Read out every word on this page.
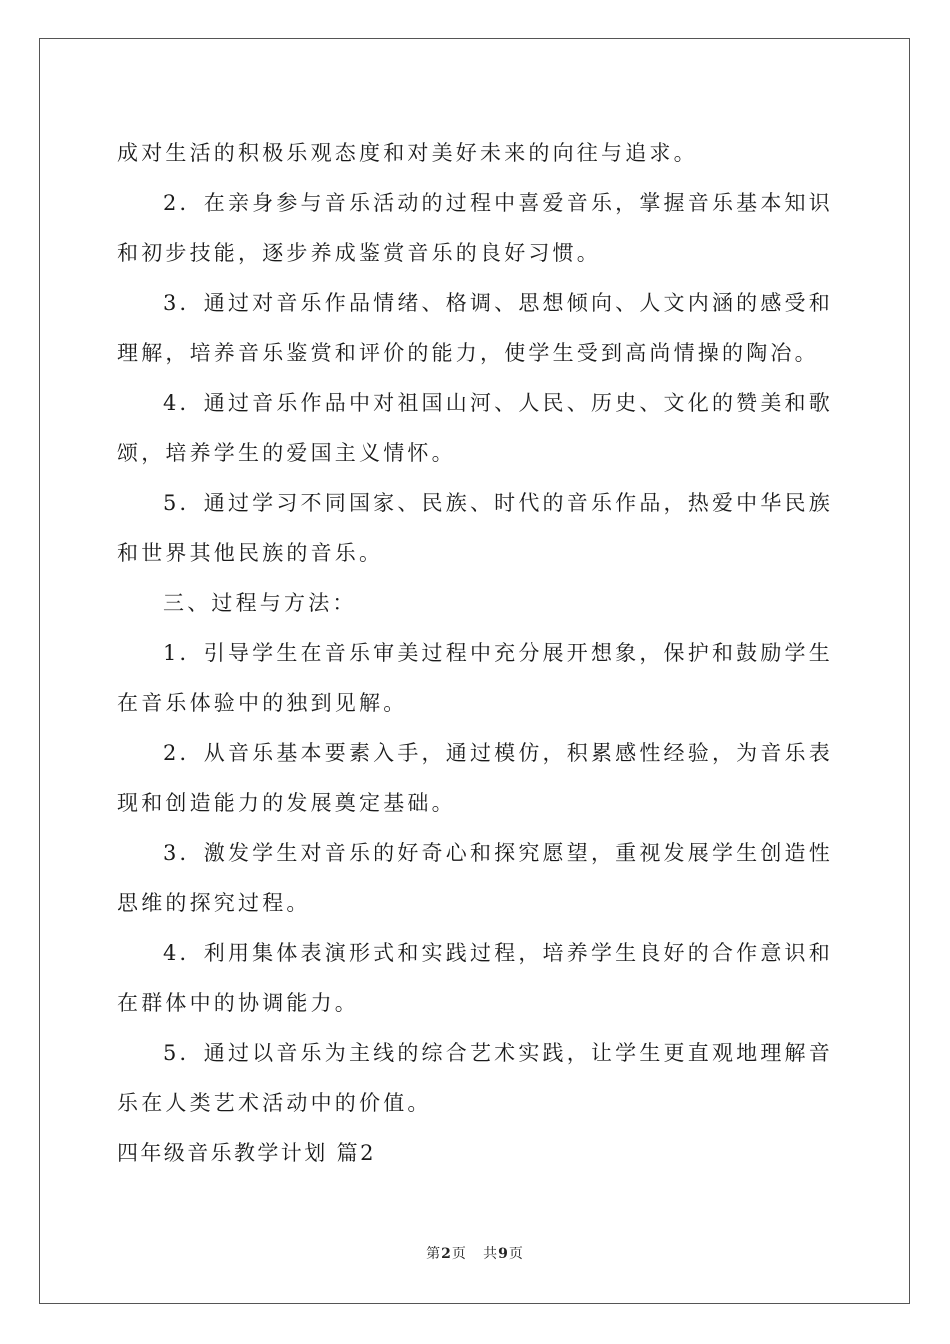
成对生活的积极乐观态度和对美好未来的向往与追求。
2．在亲身参与音乐活动的过程中喜爱音乐，掌握音乐基本知识
和初步技能，逐步养成鉴赏音乐的良好习惯。
3．通过对音乐作品情绪、格调、思想倾向、人文内涵的感受和
理解，培养音乐鉴赏和评价的能力，使学生受到高尚情操的陶冶。
4．通过音乐作品中对祖国山河、人民、历史、文化的赞美和歌
颂，培养学生的爱国主义情怀。
5．通过学习不同国家、民族、时代的音乐作品，热爱中华民族
和世界其他民族的音乐。
三、过程与方法：
1．引导学生在音乐审美过程中充分展开想象，保护和鼓励学生
在音乐体验中的独到见解。
2．从音乐基本要素入手，通过模仿，积累感性经验，为音乐表
现和创造能力的发展奠定基础。
3．激发学生对音乐的好奇心和探究愿望，重视发展学生创造性
思维的探究过程。
4．利用集体表演形式和实践过程，培养学生良好的合作意识和
在群体中的协调能力。
5．通过以音乐为主线的综合艺术实践，让学生更直观地理解音
乐在人类艺术活动中的价值。
四年级音乐教学计划 篇2
第2页   共9页
